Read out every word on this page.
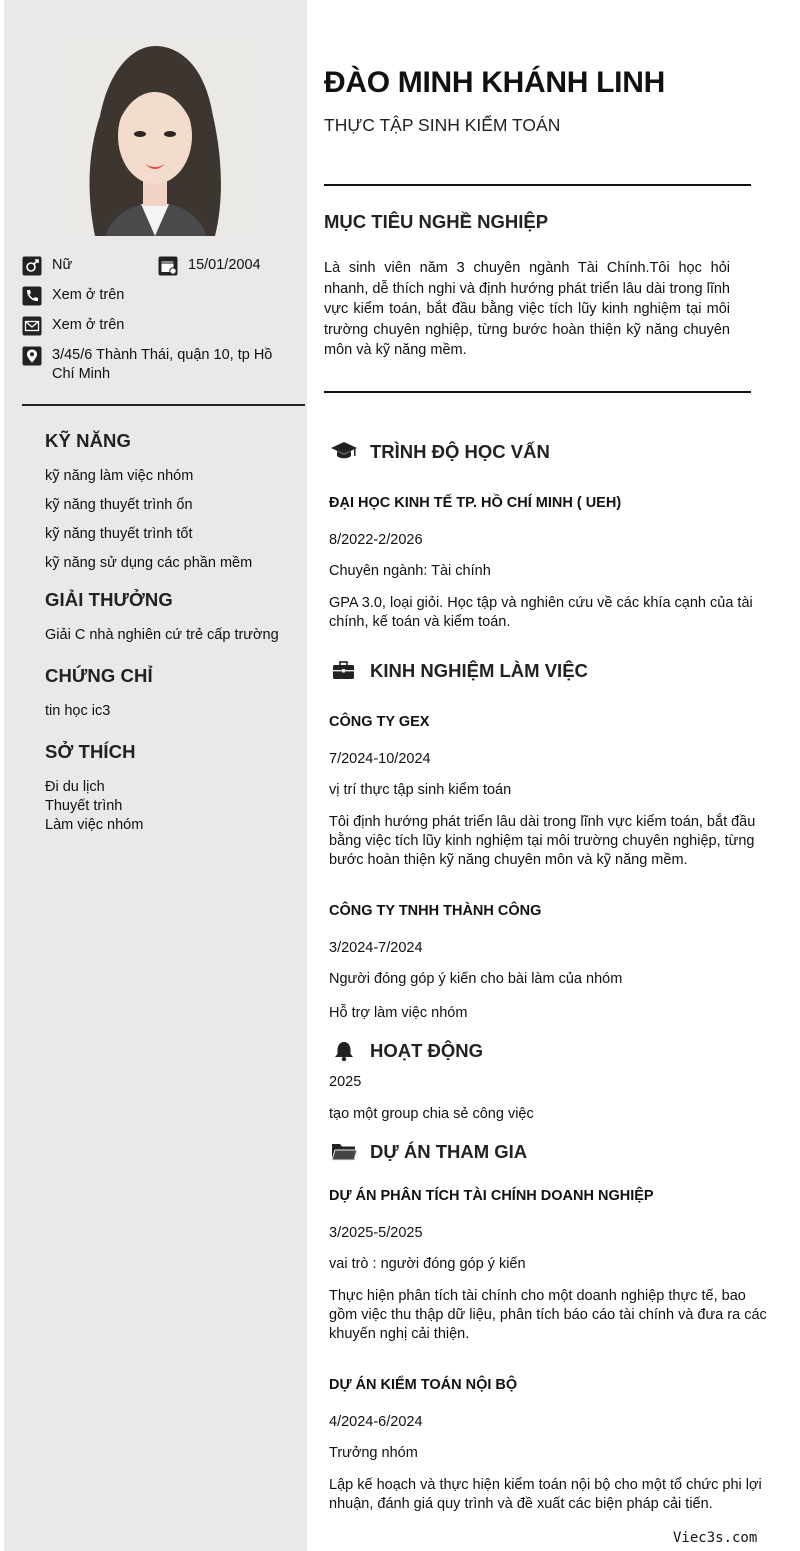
Nữ	15/01/2004
Xem ở trên
Xem ở trên
3/45/6 Thành Thái, quận 10, tp Hồ Chí Minh
KỸ NĂNG
kỹ năng làm việc nhóm
kỹ năng thuyết trình ổn
kỹ năng thuyết trình tốt
kỹ năng sử dụng các phần mềm
GIẢI THƯỞNG
Giải C nhà nghiên cứ trẻ cấp trường
CHỨNG CHỈ
tin học ic3
SỞ THÍCH
Đi du lịch
Thuyết trình
Làm việc nhóm
ĐÀO MINH KHÁNH LINH
THỰC TẬP SINH KIỂM TOÁN
MỤC TIÊU NGHỀ NGHIỆP
Là sinh viên năm 3 chuyên ngành Tài Chính.Tôi học hỏi nhanh, dễ thích nghi và định hướng phát triển lâu dài trong lĩnh vực kiểm toán, bắt đầu bằng việc tích lũy kinh nghiệm tại môi trường chuyên nghiệp, từng bước hoàn thiện kỹ năng chuyên môn và kỹ năng mềm.
TRÌNH ĐỘ HỌC VẤN
ĐẠI HỌC KINH TẾ TP. HỒ CHÍ MINH ( UEH)
8/2022-2/2026
Chuyên ngành: Tài chính
GPA 3.0, loại giỏi. Học tập và nghiên cứu về các khía cạnh của tài chính, kế toán và kiểm toán.
KINH NGHIỆM LÀM VIỆC
CÔNG TY GEX
7/2024-10/2024
vị trí thực tập sinh kiểm toán
Tôi định hướng phát triển lâu dài trong lĩnh vực kiểm toán, bắt đầu bằng việc tích lũy kinh nghiệm tại môi trường chuyên nghiệp, từng bước hoàn thiện kỹ năng chuyên môn và kỹ năng mềm.
CÔNG TY TNHH THÀNH CÔNG
3/2024-7/2024
Người đóng góp ý kiến cho bài làm của nhóm
Hỗ trợ làm việc nhóm
HOẠT ĐỘNG
2025
tạo một group chia sẻ công việc
DỰ ÁN THAM GIA
DỰ ÁN PHÂN TÍCH TÀI CHÍNH DOANH NGHIỆP
3/2025-5/2025
vai trò : người đóng góp ý kiến
Thực hiện phân tích tài chính cho một doanh nghiệp thực tế, bao gồm việc thu thập dữ liệu, phân tích báo cáo tài chính và đưa ra các khuyến nghị cải thiện.
DỰ ÁN KIỂM TOÁN NỘI BỘ
4/2024-6/2024
Trưởng nhóm
Lập kế hoạch và thực hiện kiểm toán nội bộ cho một tổ chức phi lợi nhuận, đánh giá quy trình và đề xuất các biện pháp cải tiến.
Viec3s.com
